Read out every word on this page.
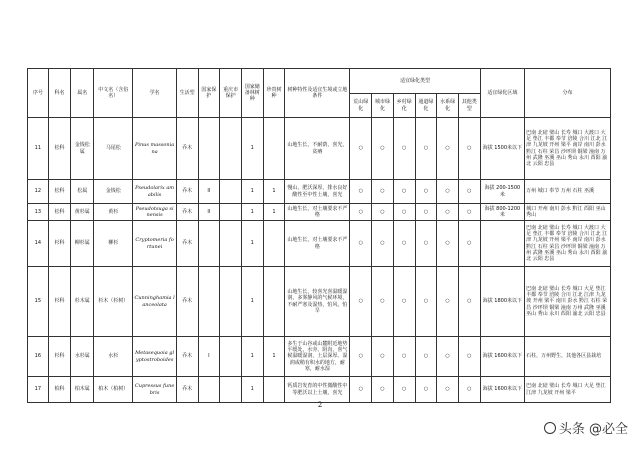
序号	科名	属名	中文名（含俗名）	学名	生活型	国家保护	重庆市保护	国家储备林树种	珍贵树种	树种特性及适宜生境或立地条件	适宜绿化类型						适宜绿化区域	分布
											荒山绿化	城市绿化	乡村绿化	通道绿化	水系绿化	其他类型		
11	松科	金钱松属	马尾松	Pinus massoniana	乔木			1		山地生长，不耐荫，喜光，贫瘠	○	○	○	○	○	○	海拔 1500米以下	巴南 北碚 璧山 长寿 城口 大渡口 大足 垫江 丰都 奉节 涪陵 合川 江北 江津 九龙坡 开州 梁平 南岸 南川 彭水 黔江 石柱 荣昌 沙坪坝 铜梁 潼南 万州 武隆 巫溪 巫山 秀山 永川 酉阳 渝北 云阳 忠县
12	松科	松属	金钱松	Pseudolarix amabilis	乔木	II		1	1	慢山，肥沃深厚，排水良好酸性至中性土壤，喜光	○	○	○	○	○	○	海拔 200-1500 米	万州 城口 奉节 万州 石柱 巫溪
13	松科	黄杉属	黄杉	Pseudotsuga sinensis	乔木	II		1	1	山地生长，对土壤要求不严格	○	○	○	○	○	○	海拔 800-1200 米	城口 开州 南川 彭水 黔江 酉阳 巫山 秀山
14	杉科	柳杉属	柳杉	Cryptomeria fortunei	乔木			1		山地生长，对土壤要求不严格	○	○	○	○	○	○		巴南 北碚 璧山 长寿 城口 大渡口 大足 垫江 丰都 奉节 涪陵 合川 江北 江津 九龙坡 开州 梁平 南岸 南川 彭水 黔江 石柱 荣昌 沙坪坝 铜梁 潼南 万州 武隆 巫溪 巫山 秀山 永川 酉阳 渝北 云阳 忠县
15	杉科	杉木属	杉木（杉树）	Cunninghamia lanceolata	乔木			1		山地生长，较喜光喜温暖湿润，多雾静风的气候环境，不耐严寒及湿热，怕风，怕旱	○	○	○	○	○	○	海拔 1800米以下	巴南 北碚 璧山 长寿 城口 大足 垫江 丰都 奉节 涪陵 合川 江北 江津 九龙坡 开州 梁平 南川 彭水 黔江 石柱 荣昌 沙坪坝 铜梁 潼南 万州 武隆 巫溪 巫山 秀山 永川 酉阳 渝北 云阳 忠县
16	杉科	水杉属	水杉	Metasequoia glyptostroboides	乔木	I		1	1	多生于山谷或山麓附近地势平缓处，水旁、阴沟，喜气候温暖湿润，土层深厚、湿润或稍有积水的地方，耐寒，耐水湿	○	○	○	○	○	○	海拔 1600米以下	石柱，万州野生，其他各区县栽培
17	柏科	柏木属	柏木（柏树）	Cupressus funebris	乔木			1		钙质岩发育的中性微酸性中等肥沃以上土壤，喜光	○	○	○	○	○	○	海拔 1600米以下	巴南 北碚 璧山 长寿 城口 大足 垫江 江津 九龙坡 开州 梁平
2
头条 @必全
